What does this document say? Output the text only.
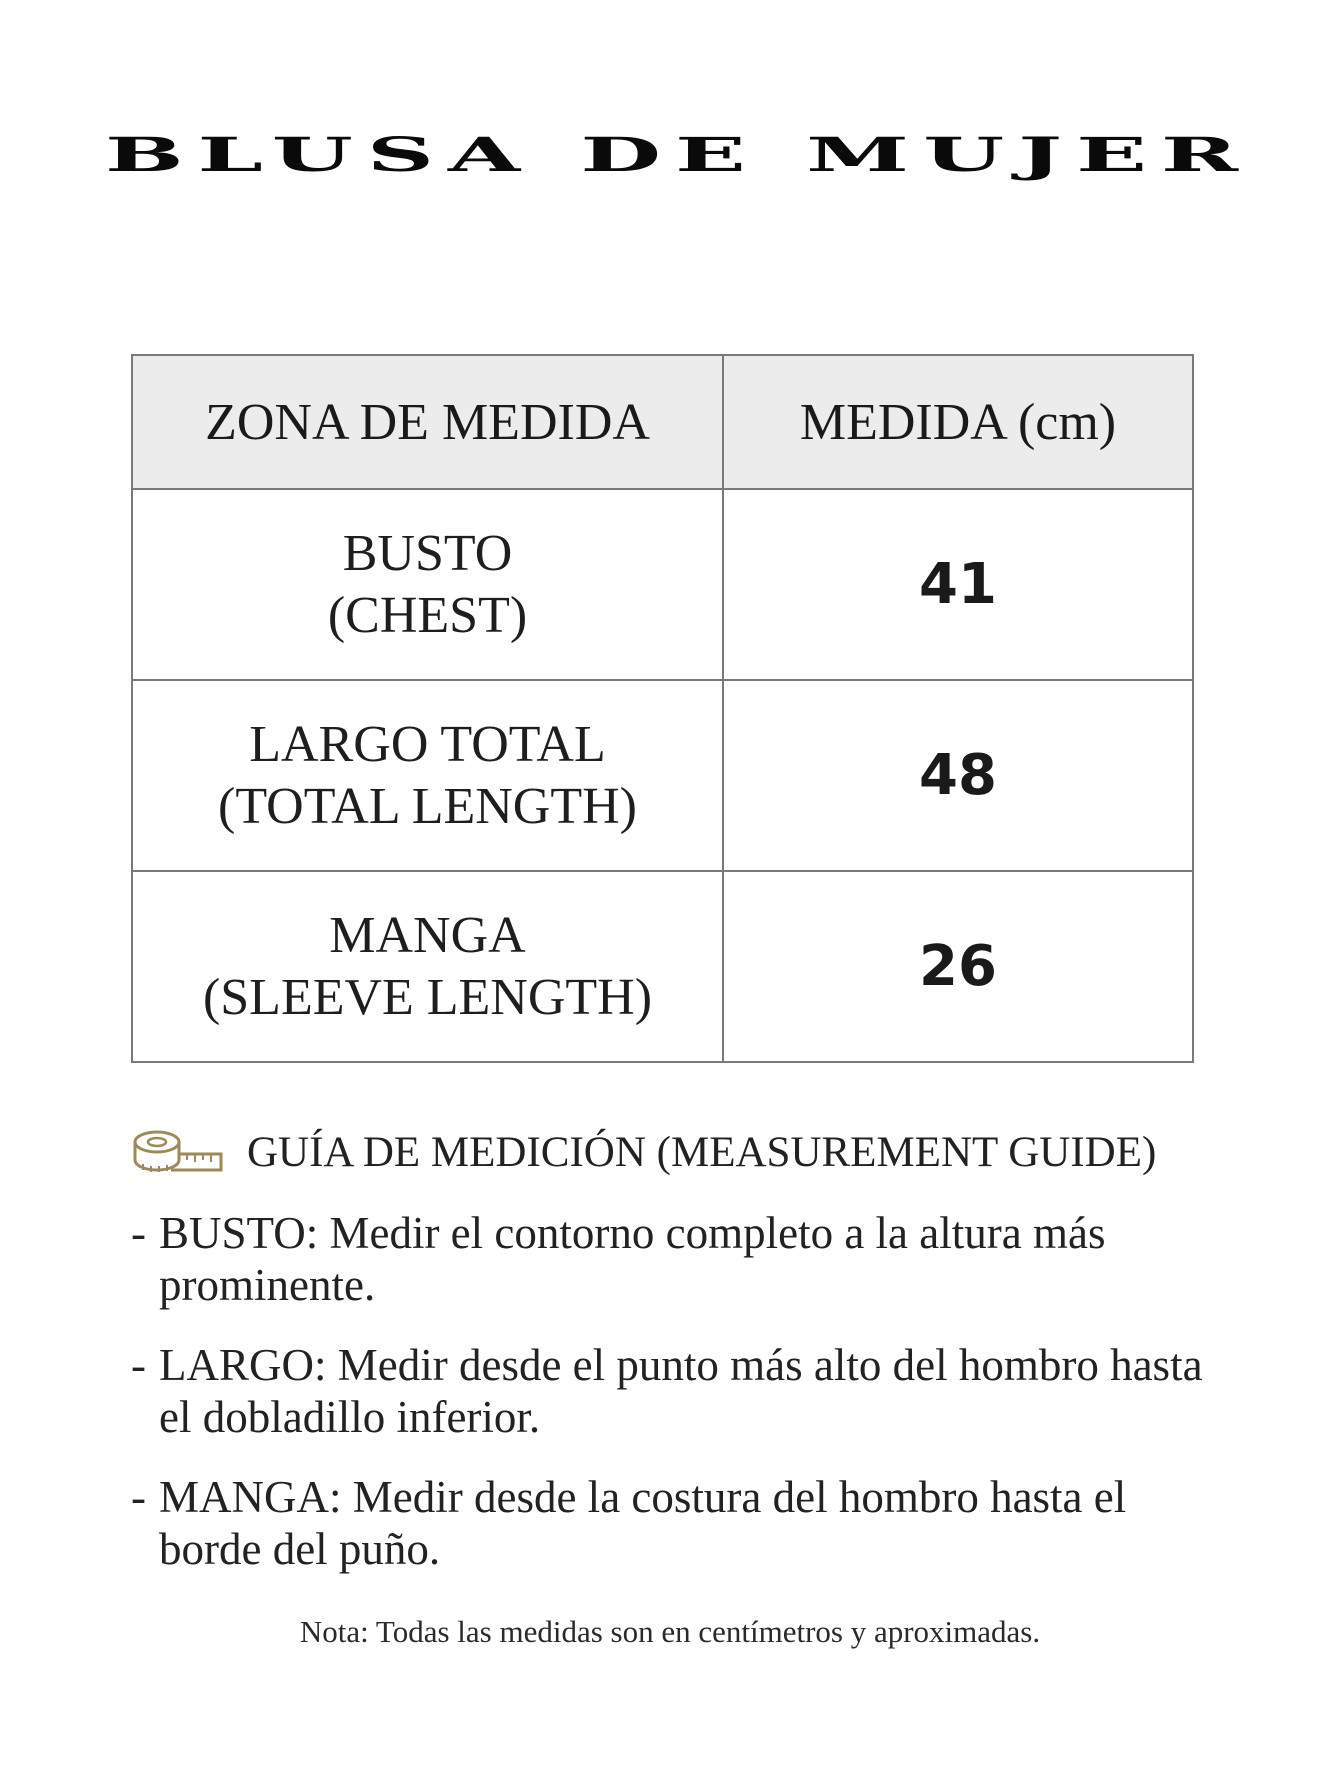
BLUSA DE MUJER
ZONA DE MEDIDA	MEDIDA (cm)

BUSTO
(CHEST)	41

LARGO TOTAL
(TOTAL LENGTH)	48

MANGA
(SLEEVE LENGTH)	26
GUÍA DE MEDICIÓN (MEASUREMENT GUIDE)
- BUSTO: Medir el contorno completo a la altura más prominente.
- LARGO: Medir desde el punto más alto del hombro hasta el dobladillo inferior.
- MANGA: Medir desde la costura del hombro hasta el borde del puño.
Nota: Todas las medidas son en centímetros y aproximadas.
